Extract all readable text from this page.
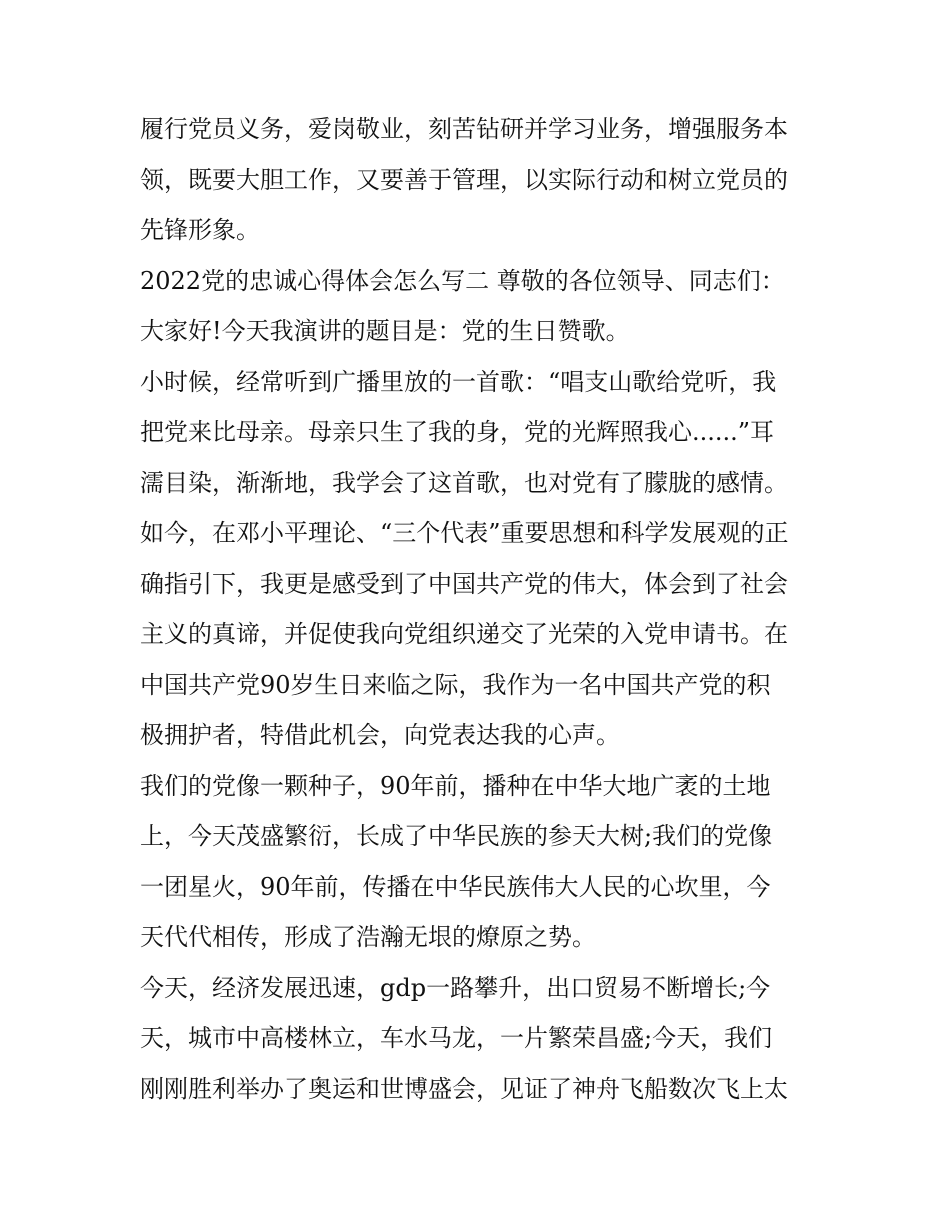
履行党员义务，爱岗敬业，刻苦钻研并学习业务，增强服务本
领，既要大胆工作，又要善于管理，以实际行动和树立党员的
先锋形象。
2022党的忠诚心得体会怎么写二 尊敬的各位领导、同志们：
大家好!今天我演讲的题目是：党的生日赞歌。
小时候，经常听到广播里放的一首歌：“唱支山歌给党听，我
把党来比母亲。母亲只生了我的身，党的光辉照我心......”耳
濡目染，渐渐地，我学会了这首歌，也对党有了朦胧的感情。
如今，在邓小平理论、“三个代表”重要思想和科学发展观的正
确指引下，我更是感受到了中国共产党的伟大，体会到了社会
主义的真谛，并促使我向党组织递交了光荣的入党申请书。在
中国共产党90岁生日来临之际，我作为一名中国共产党的积
极拥护者，特借此机会，向党表达我的心声。
我们的党像一颗种子，90年前，播种在中华大地广袤的土地
上，今天茂盛繁衍，长成了中华民族的参天大树;我们的党像
一团星火，90年前，传播在中华民族伟大人民的心坎里，今
天代代相传，形成了浩瀚无垠的燎原之势。
今天，经济发展迅速，gdp一路攀升，出口贸易不断增长;今
天，城市中高楼林立，车水马龙，一片繁荣昌盛;今天，我们
刚刚胜利举办了奥运和世博盛会，见证了神舟飞船数次飞上太
